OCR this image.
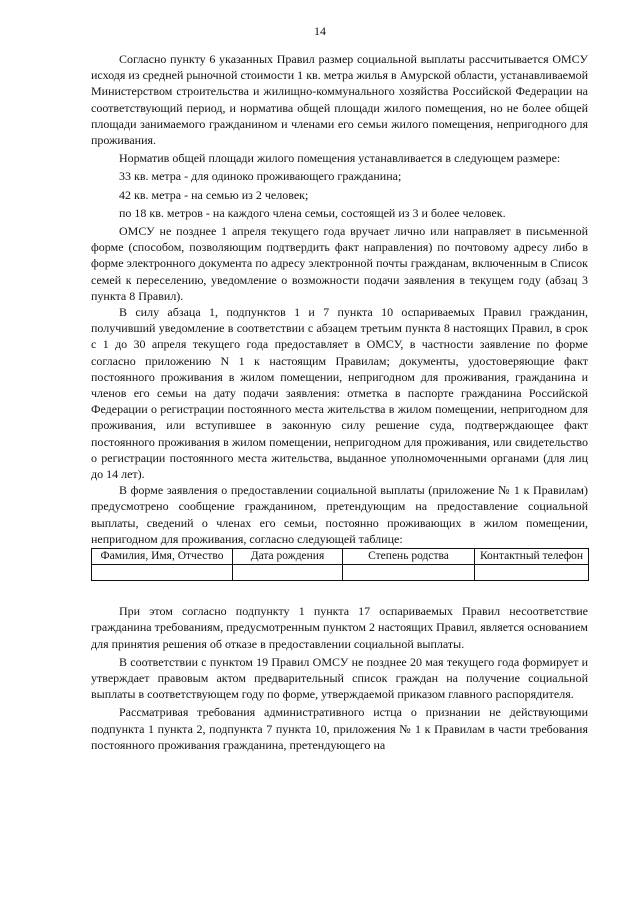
14

Согласно пункту 6 указанных Правил размер социальной выплаты рассчитывается ОМСУ исходя из средней рыночной стоимости 1 кв. метра жилья в Амурской области, устанавливаемой Министерством строительства и жилищно-коммунального хозяйства Российской Федерации на соответствующий период, и норматива общей площади жилого помещения, но не более общей площади занимаемого гражданином и членами его семьи жилого помещения, непригодного для проживания.

Норматив общей площади жилого помещения устанавливается в следующем размере:

33 кв. метра - для одиноко проживающего гражданина;

42 кв. метра - на семью из 2 человек;

по 18 кв. метров - на каждого члена семьи, состоящей из 3 и более человек.

ОМСУ не позднее 1 апреля текущего года вручает лично или направляет в письменной форме (способом, позволяющим подтвердить факт направления) по почтовому адресу либо в форме электронного документа по адресу электронной почты гражданам, включенным в Список семей к переселению, уведомление о возможности подачи заявления в текущем году (абзац 3 пункта 8 Правил).

В силу абзаца 1, подпунктов 1 и 7 пункта 10 оспариваемых Правил гражданин, получивший уведомление в соответствии с абзацем третьим пункта 8 настоящих Правил, в срок с 1 до 30 апреля текущего года предоставляет в ОМСУ, в частности заявление по форме согласно приложению N 1 к настоящим Правилам; документы, удостоверяющие факт постоянного проживания в жилом помещении, непригодном для проживания, гражданина и членов его семьи на дату подачи заявления: отметка в паспорте гражданина Российской Федерации о регистрации постоянного места жительства в жилом помещении, непригодном для проживания, или вступившее в законную силу решение суда, подтверждающее факт постоянного проживания в жилом помещении, непригодном для проживания, или свидетельство о регистрации постоянного места жительства, выданное уполномоченными органами (для лиц до 14 лет).

В форме заявления о предоставлении социальной выплаты (приложение № 1 к Правилам) предусмотрено сообщение гражданином, претендующим на предоставление социальной выплаты, сведений о членах его семьи, постоянно проживающих в жилом помещении, непригодном для проживания, согласно следующей таблице:

Фамилия, Имя, Отчество	Дата рождения	Степень родства	Контактный телефон

При этом согласно подпункту 1 пункта 17 оспариваемых Правил несоответствие гражданина требованиям, предусмотренным пунктом 2 настоящих Правил, является основанием для принятия решения об отказе в предоставлении социальной выплаты.

В соответствии с пунктом 19 Правил ОМСУ не позднее 20 мая текущего года формирует и утверждает правовым актом предварительный список граждан на получение социальной выплаты в соответствующем году по форме, утверждаемой приказом главного распорядителя.

Рассматривая требования административного истца о признании не действующими подпункта 1 пункта 2, подпункта 7 пункта 10, приложения № 1 к Правилам в части требования постоянного проживания гражданина, претендующего на
